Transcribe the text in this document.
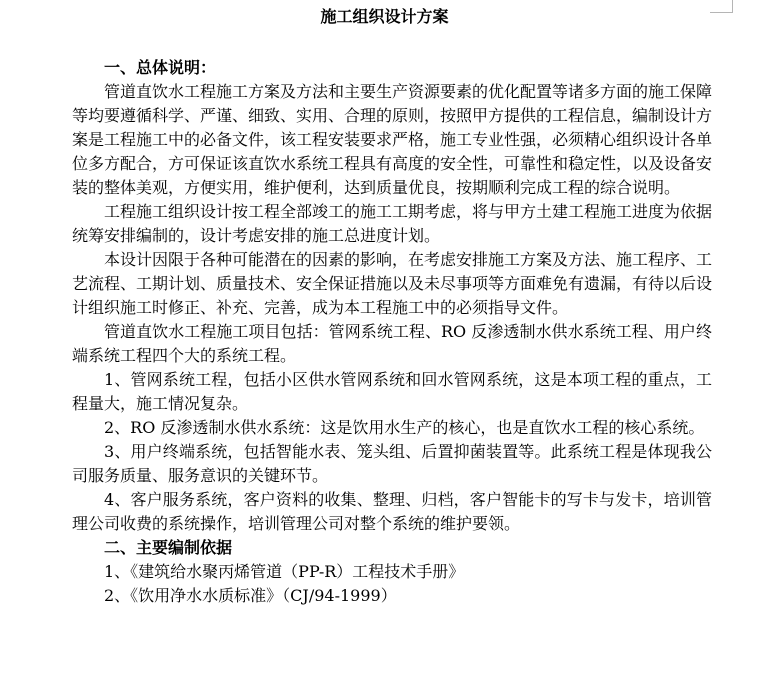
施工组织设计方案
一、总体说明：
管道直饮水工程施工方案及方法和主要生产资源要素的优化配置等诸多方面的施工保障等均要遵循科学、严谨、细致、实用、合理的原则，按照甲方提供的工程信息，编制设计方案是工程施工中的必备文件，该工程安装要求严格，施工专业性强，必须精心组织设计各单位多方配合，方可保证该直饮水系统工程具有高度的安全性，可靠性和稳定性，以及设备安装的整体美观，方便实用，维护便利，达到质量优良，按期顺利完成工程的综合说明。
工程施工组织设计按工程全部竣工的施工工期考虑，将与甲方土建工程施工进度为依据统筹安排编制的，设计考虑安排的施工总进度计划。
本设计因限于各种可能潜在的因素的影响，在考虑安排施工方案及方法、施工程序、工艺流程、工期计划、质量技术、安全保证措施以及未尽事项等方面难免有遗漏，有待以后设计组织施工时修正、补充、完善，成为本工程施工中的必须指导文件。
管道直饮水工程施工项目包括：管网系统工程、RO 反渗透制水供水系统工程、用户终端系统工程四个大的系统工程。
1、管网系统工程，包括小区供水管网系统和回水管网系统，这是本项工程的重点，工程量大，施工情况复杂。
2、RO 反渗透制水供水系统：这是饮用水生产的核心，也是直饮水工程的核心系统。
3、用户终端系统，包括智能水表、笼头组、后置抑菌装置等。此系统工程是体现我公司服务质量、服务意识的关键环节。
4、客户服务系统，客户资料的收集、整理、归档，客户智能卡的写卡与发卡，培训管理公司收费的系统操作，培训管理公司对整个系统的维护要领。
二、主要编制依据
1、《建筑给水聚丙烯管道（PP-R）工程技术手册》
2、《饮用净水水质标准》（CJ/94-1999）
